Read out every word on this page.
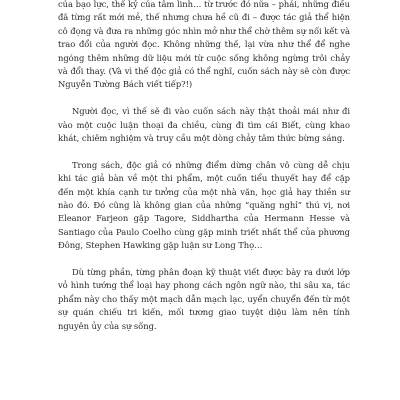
của bạo lực, thế kỷ của tâm linh… từ trước đó nữa – phải, những điều đã từng rất mới mẻ, thế nhưng chưa hề cũ đi – được tác giả thể hiện cô đọng và đưa ra những góc nhìn mở như thể chờ thêm sự nối kết và trao đổi của người đọc. Không những thế, lại vừa như thể để nghe ngóng thêm những dữ liệu mới từ cuộc sống không ngừng trôi chảy và đổi thay. (Và vì thế độc giả có thể nghĩ, cuốn sách này sẽ còn được Nguyễn Tường Bách viết tiếp?!)

Người đọc, vì thế sẽ đi vào cuốn sách này thật thoải mái như đi vào một cuộc luận thoại đa chiều, cùng đi tìm cái Biết, cùng khao khát, chiêm nghiệm và truy cầu một dòng chảy tâm thức bừng sáng.

Trong sách, độc giả có những điểm dừng chân vô cùng dễ chịu khi tác giả bàn về một thi phẩm, một cuốn tiểu thuyết hay để cập đến một khía cạnh tư tưởng của một nhà văn, học giả hay thiền sư nào đó. Đó cũng là không gian của những “quãng nghỉ” thú vị, nơi Eleanor Farjeon gặp Tagore, Siddhartha của Hermann Hesse và Santiago của Paulo Coelho cùng gặp minh triết nhất thể của phương Đông, Stephen Hawking gặp luận sư Long Thọ…

Dù từng phần, từng phân đoạn kỹ thuật viết được bày ra dưới lớp vỏ hình tướng thể loại hay phong cách ngôn ngữ nào, thi sâu xa, tác phẩm này cho thấy một mạch dẫn mạch lạc, uyển chuyển đến từ một sự quán chiếu tri kiến, mối tương giao tuyệt diệu làm nên tính nguyên ủy của sự sống.
